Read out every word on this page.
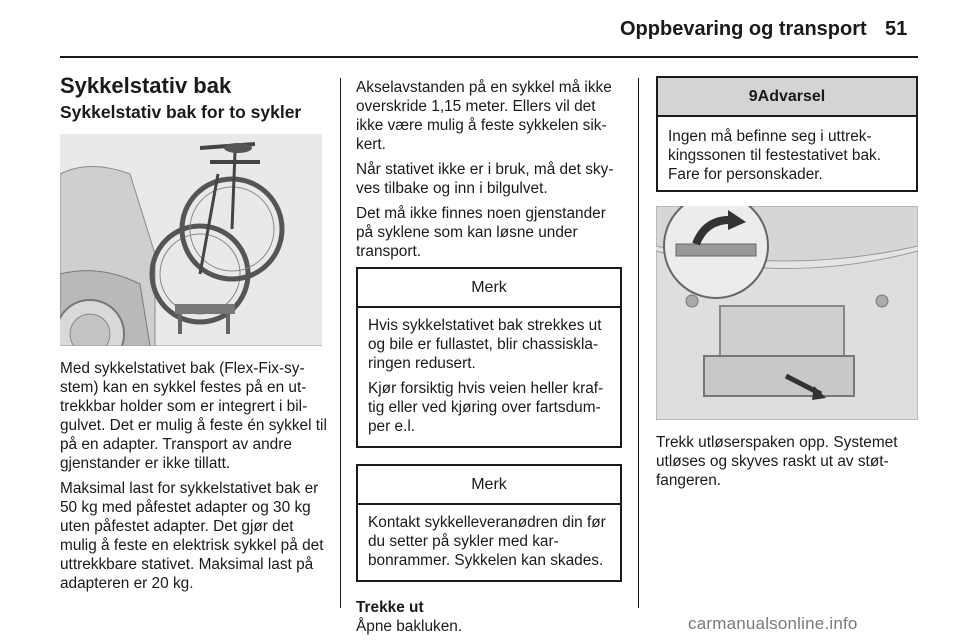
Oppbevaring og transport 51
Sykkelstativ bak
Sykkelstativ bak for to sykler

Med sykkelstativet bak (Flex-Fix-system) kan en sykkel festes på en uttrekkbar holder som er integrert i bilgulvet. Det er mulig å feste én sykkel til på en adapter. Transport av andre gjenstander er ikke tillatt.

Maksimal last for sykkelstativet bak er 50 kg med påfestet adapter og 30 kg uten påfestet adapter. Det gjør det mulig å feste en elektrisk sykkel på det uttrekkbare stativet. Maksimal last på adapteren er 20 kg.

Akselavstanden på en sykkel må ikke overskride 1,15 meter. Ellers vil det ikke være mulig å feste sykkelen sikkert.

Når stativet ikke er i bruk, må det skyves tilbake og inn i bilgulvet.

Det må ikke finnes noen gjenstander på syklene som kan løsne under transport.

Merk

Hvis sykkelstativet bak strekkes ut og bile er fullastet, blir chassisklaringen redusert.

Kjør forsiktig hvis veien heller kraftig eller ved kjøring over fartsdumper e.l.

Merk

Kontakt sykkelleveranødren din før du setter på sykler med karbonrammer. Sykkelen kan skades.

Trekke ut
Åpne bakluken.
9Advarsel
Ingen må befinne seg i uttrekkingssonen til festestativet bak. Fare for personskader.

Trekk utløserspaken opp. Systemet utløses og skyves raskt ut av støtfangeren.

carmanualsonline.info
